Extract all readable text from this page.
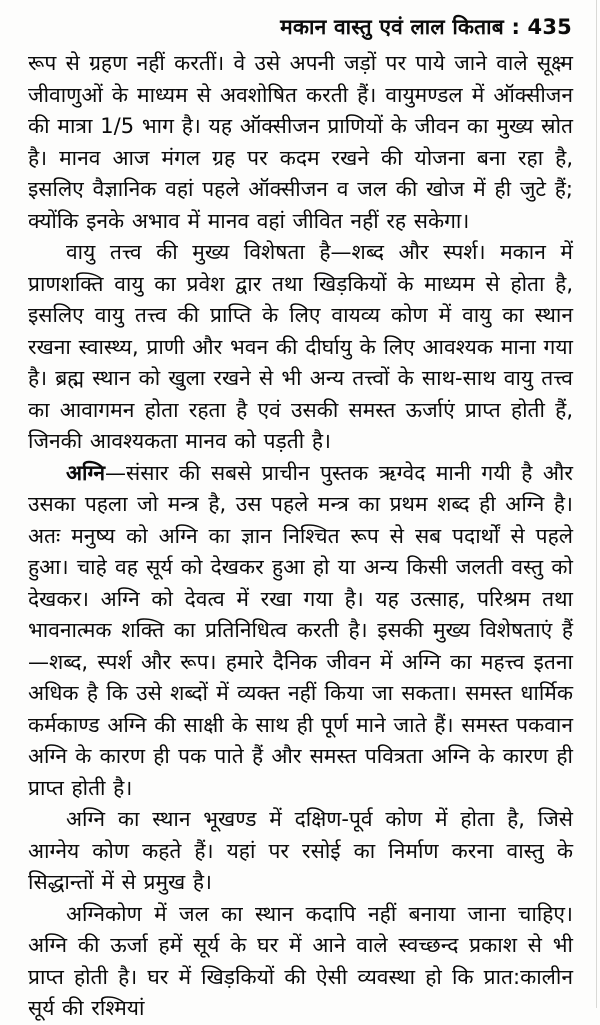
मकान वास्तु एवं लाल किताब : 435

रूप से ग्रहण नहीं करतीं। वे उसे अपनी जड़ों पर पाये जाने वाले सूक्ष्म जीवाणुओं के माध्यम से अवशोषित करती हैं। वायुमण्डल में ऑक्सीजन की मात्रा 1/5 भाग है। यह ऑक्सीजन प्राणियों के जीवन का मुख्य स्रोत है। मानव आज मंगल ग्रह पर कदम रखने की योजना बना रहा है, इसलिए वैज्ञानिक वहां पहले ऑक्सीजन व जल की खोज में ही जुटे हैं; क्योंकि इनके अभाव में मानव वहां जीवित नहीं रह सकेगा।

वायु तत्त्व की मुख्य विशेषता है—शब्द और स्पर्श। मकान में प्राणशक्ति वायु का प्रवेश द्वार तथा खिड़कियों के माध्यम से होता है, इसलिए वायु तत्त्व की प्राप्ति के लिए वायव्य कोण में वायु का स्थान रखना स्वास्थ्य, प्राणी और भवन की दीर्घायु के लिए आवश्यक माना गया है। ब्रह्म स्थान को खुला रखने से भी अन्य तत्त्वों के साथ-साथ वायु तत्त्व का आवागमन होता रहता है एवं उसकी समस्त ऊर्जाएं प्राप्त होती हैं, जिनकी आवश्यकता मानव को पड़ती है।

अग्नि—संसार की सबसे प्राचीन पुस्तक ऋग्वेद मानी गयी है और उसका पहला जो मन्त्र है, उस पहले मन्त्र का प्रथम शब्द ही अग्नि है। अतः मनुष्य को अग्नि का ज्ञान निश्चित रूप से सब पदार्थों से पहले हुआ। चाहे वह सूर्य को देखकर हुआ हो या अन्य किसी जलती वस्तु को देखकर। अग्नि को देवत्व में रखा गया है। यह उत्साह, परिश्रम तथा भावनात्मक शक्ति का प्रतिनिधित्व करती है। इसकी मुख्य विशेषताएं हैं—शब्द, स्पर्श और रूप। हमारे दैनिक जीवन में अग्नि का महत्त्व इतना अधिक है कि उसे शब्दों में व्यक्त नहीं किया जा सकता। समस्त धार्मिक कर्मकाण्ड अग्नि की साक्षी के साथ ही पूर्ण माने जाते हैं। समस्त पकवान अग्नि के कारण ही पक पाते हैं और समस्त पवित्रता अग्नि के कारण ही प्राप्त होती है।

अग्नि का स्थान भूखण्ड में दक्षिण-पूर्व कोण में होता है, जिसे आग्नेय कोण कहते हैं। यहां पर रसोई का निर्माण करना वास्तु के सिद्धान्तों में से प्रमुख है।

अग्निकोण में जल का स्थान कदापि नहीं बनाया जाना चाहिए। अग्नि की ऊर्जा हमें सूर्य के घर में आने वाले स्वच्छन्द प्रकाश से भी प्राप्त होती है। घर में खिड़कियों की ऐसी व्यवस्था हो कि प्रात:कालीन सूर्य की रश्मियां
